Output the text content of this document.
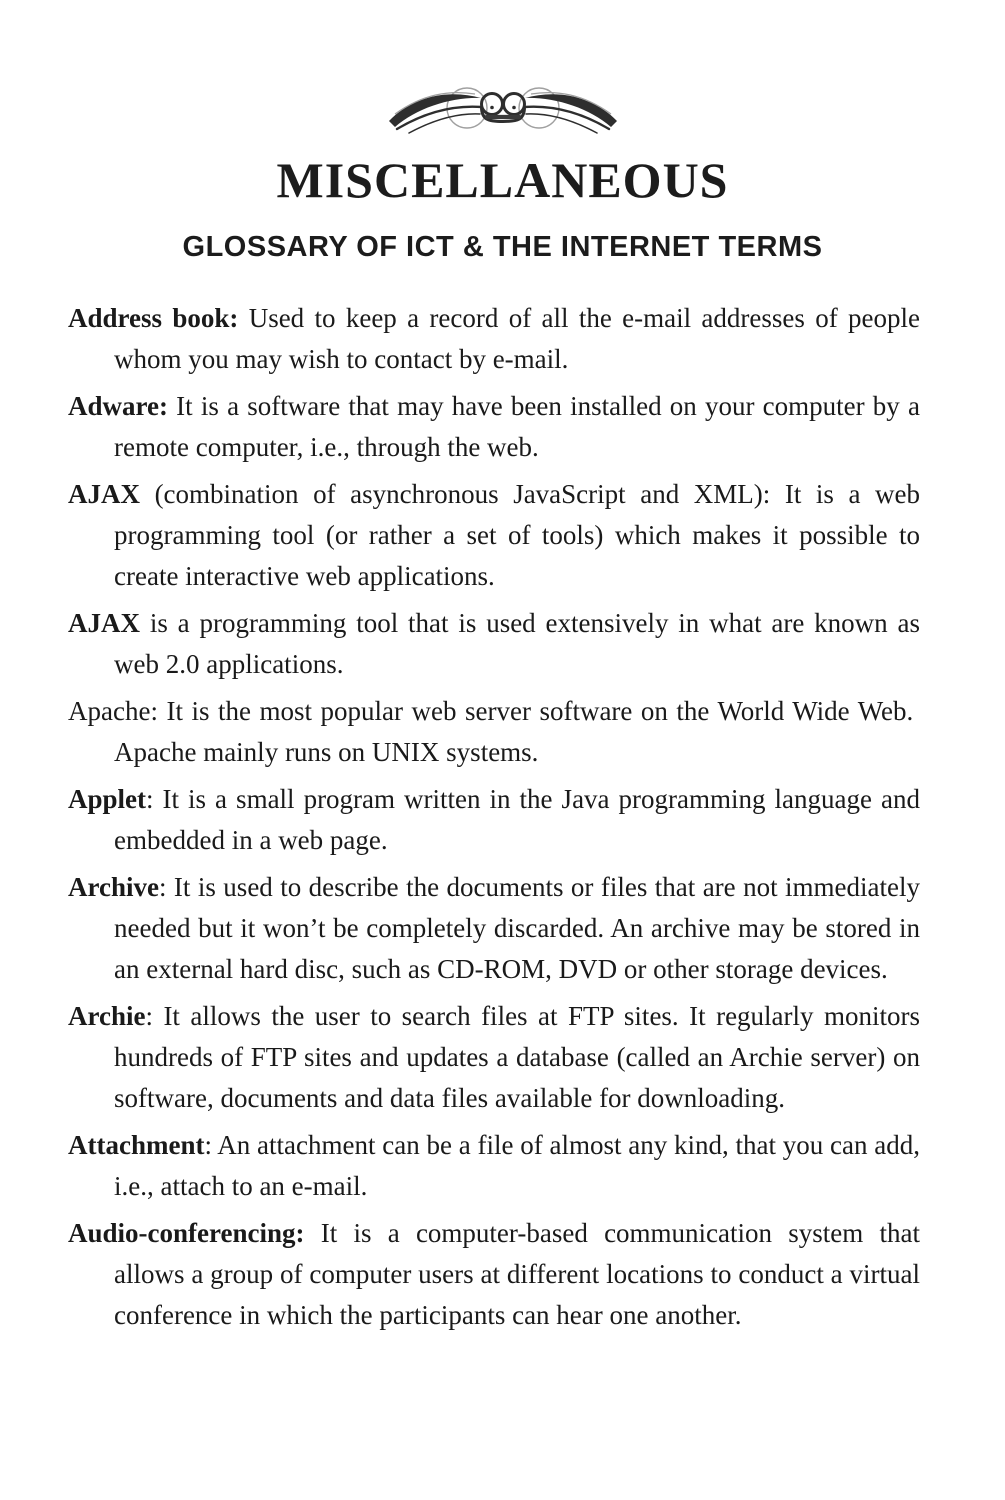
MISCELLANEOUS
GLOSSARY OF ICT & THE INTERNET TERMS

Address book: Used to keep a record of all the e-mail addresses of people whom you may wish to contact by e-mail.

Adware: It is a software that may have been installed on your computer by a remote computer, i.e., through the web.

AJAX (combination of asynchronous JavaScript and XML): It is a web programming tool (or rather a set of tools) which makes it possible to create interactive web applications.

AJAX is a programming tool that is used extensively in what are known as web 2.0 applications.

Apache: It is the most popular web server software on the World Wide Web.  Apache mainly runs on UNIX systems.

Applet: It is a small program written in the Java programming language and embedded in a web page.

Archive: It is used to describe the documents or files that are not immediately needed but it won’t be completely discarded. An archive may be stored in an external hard disc, such as CD-ROM, DVD or other storage devices.

Archie: It allows the user to search files at FTP sites. It regularly monitors hundreds of FTP sites and updates a database (called an Archie server) on software, documents and data files available for downloading.

Attachment: An attachment can be a file of almost any kind, that you can add, i.e., attach to an e-mail.

Audio-conferencing: It is a computer-based communication system that allows a group of computer users at different locations to conduct a virtual conference in which the participants can hear one another.
